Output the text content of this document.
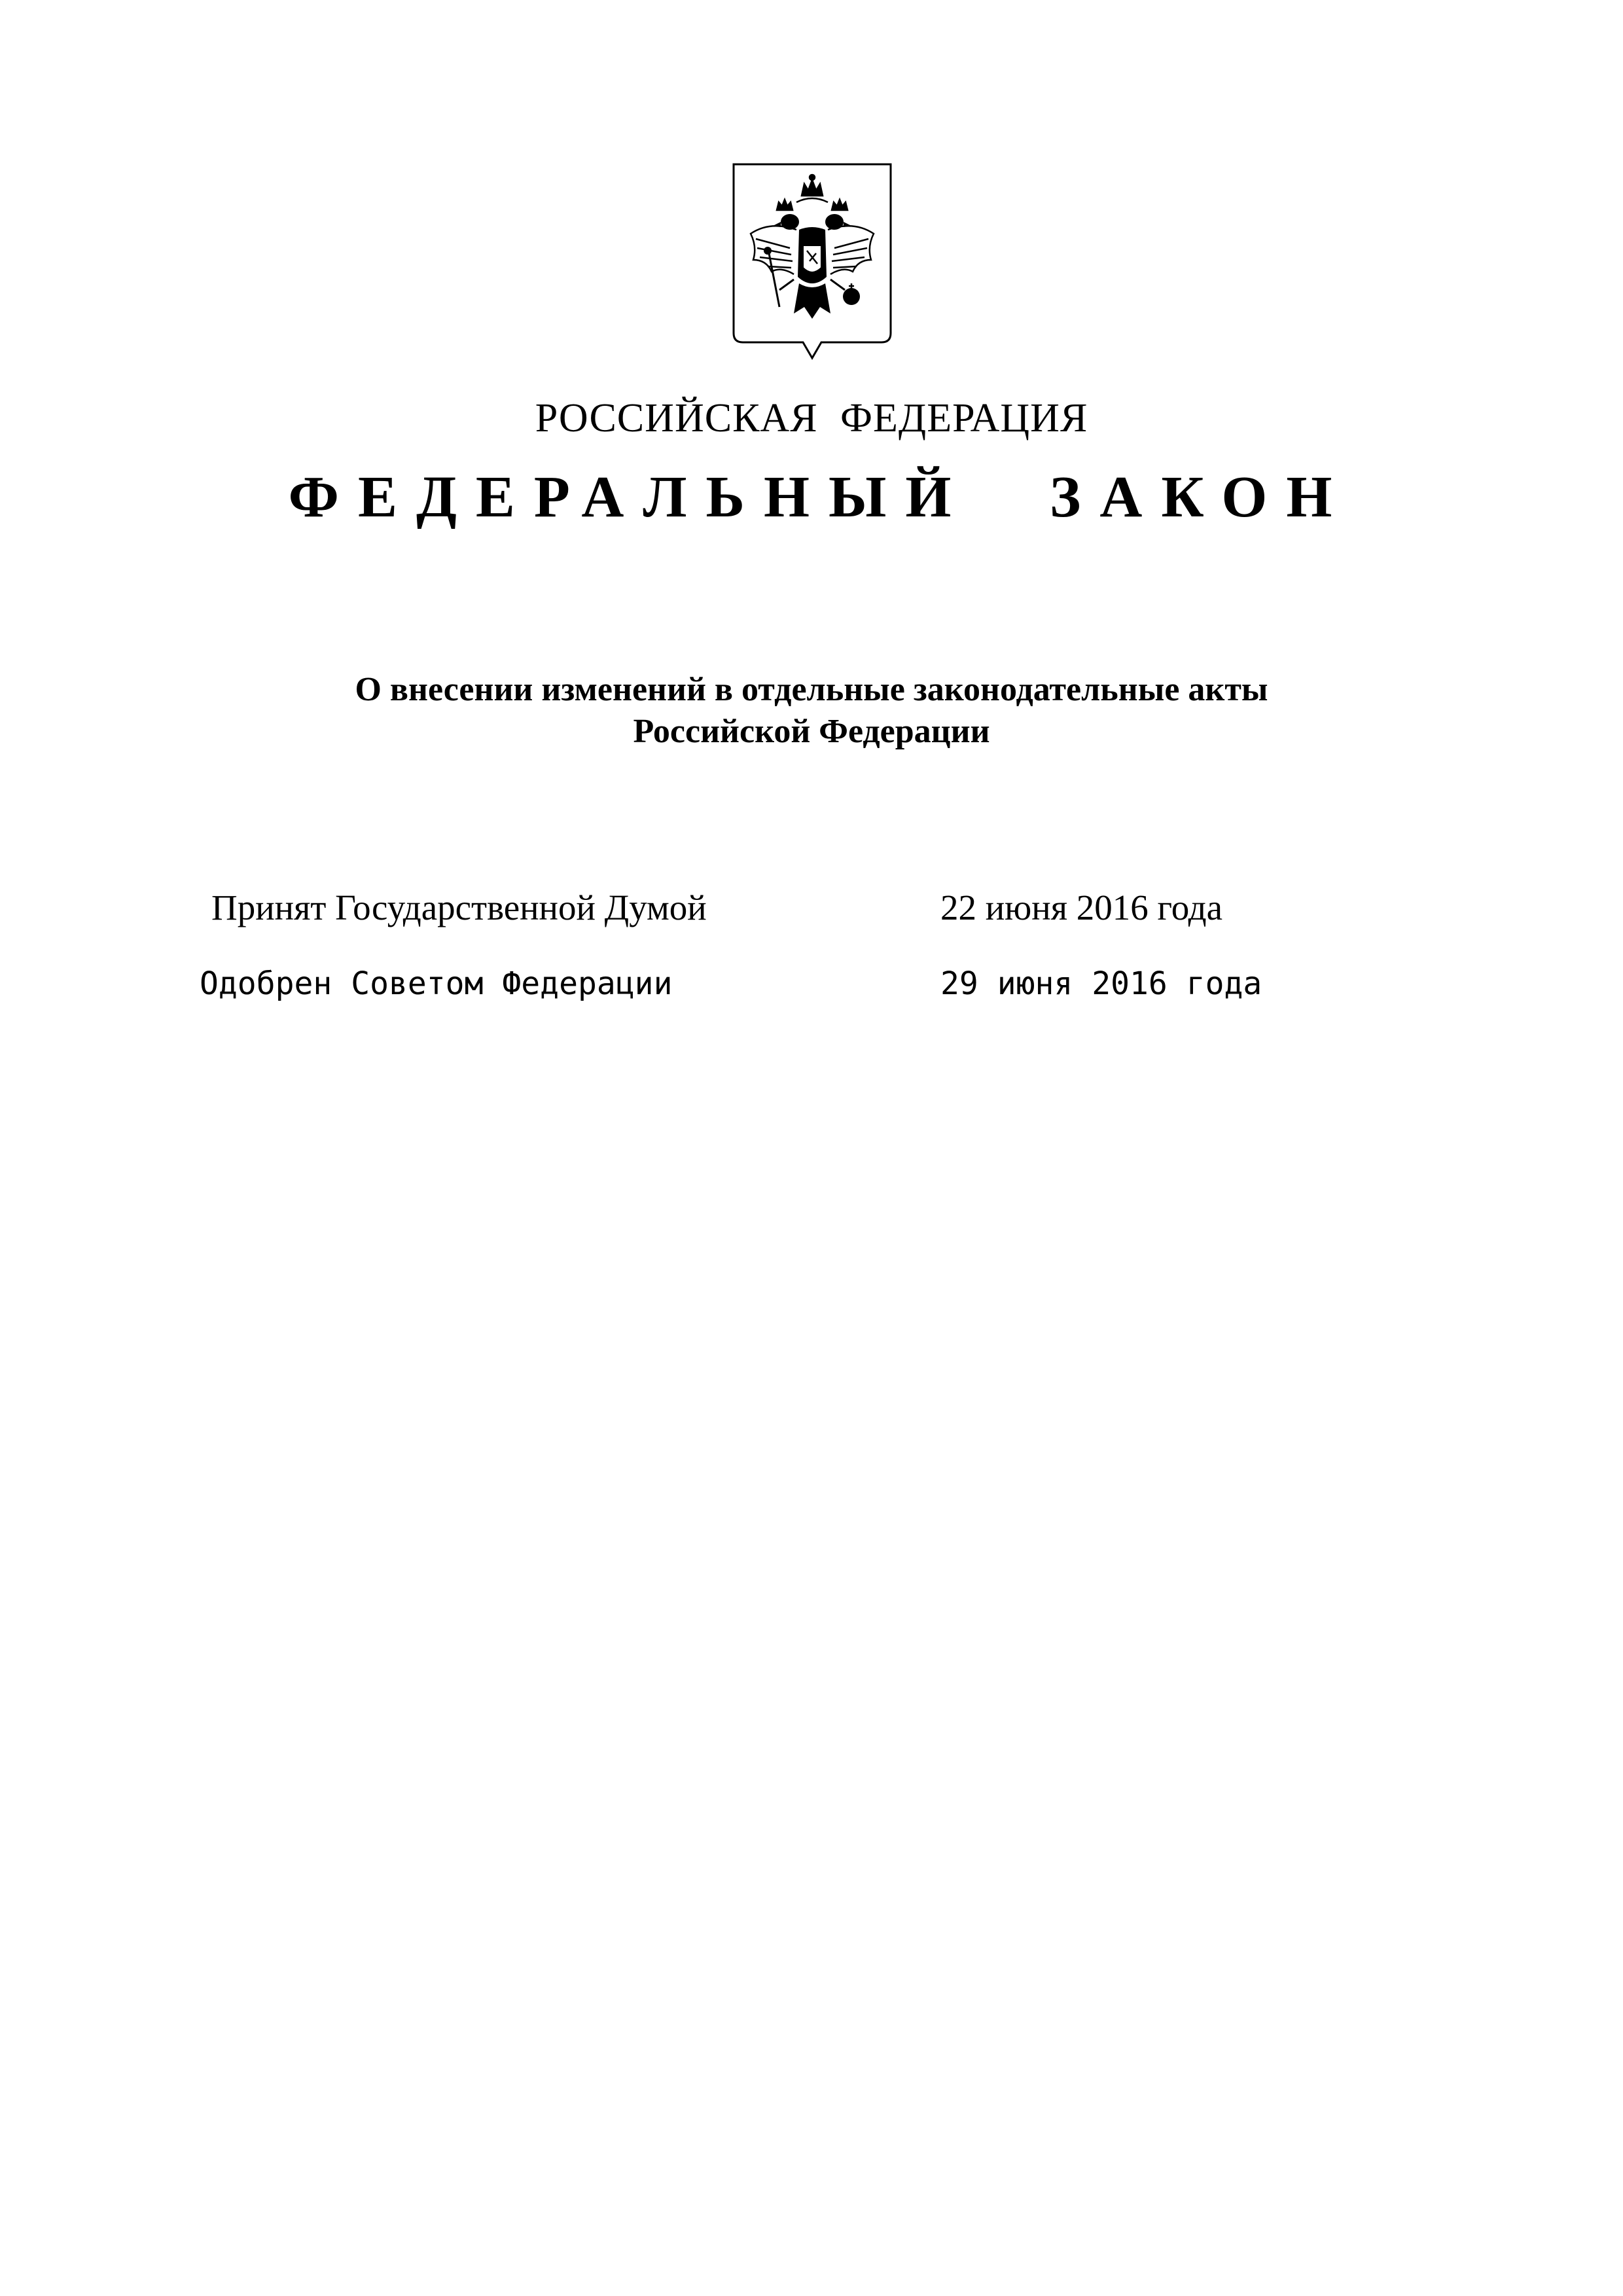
РОССИЙСКАЯ ФЕДЕРАЦИЯ
ФЕДЕРАЛЬНЫЙ ЗАКОН
О внесении изменений в отдельные законодательные акты
Российской Федерации
Принят Государственной Думой	22 июня 2016 года
Одобрен Советом Федерации	29 июня 2016 года
